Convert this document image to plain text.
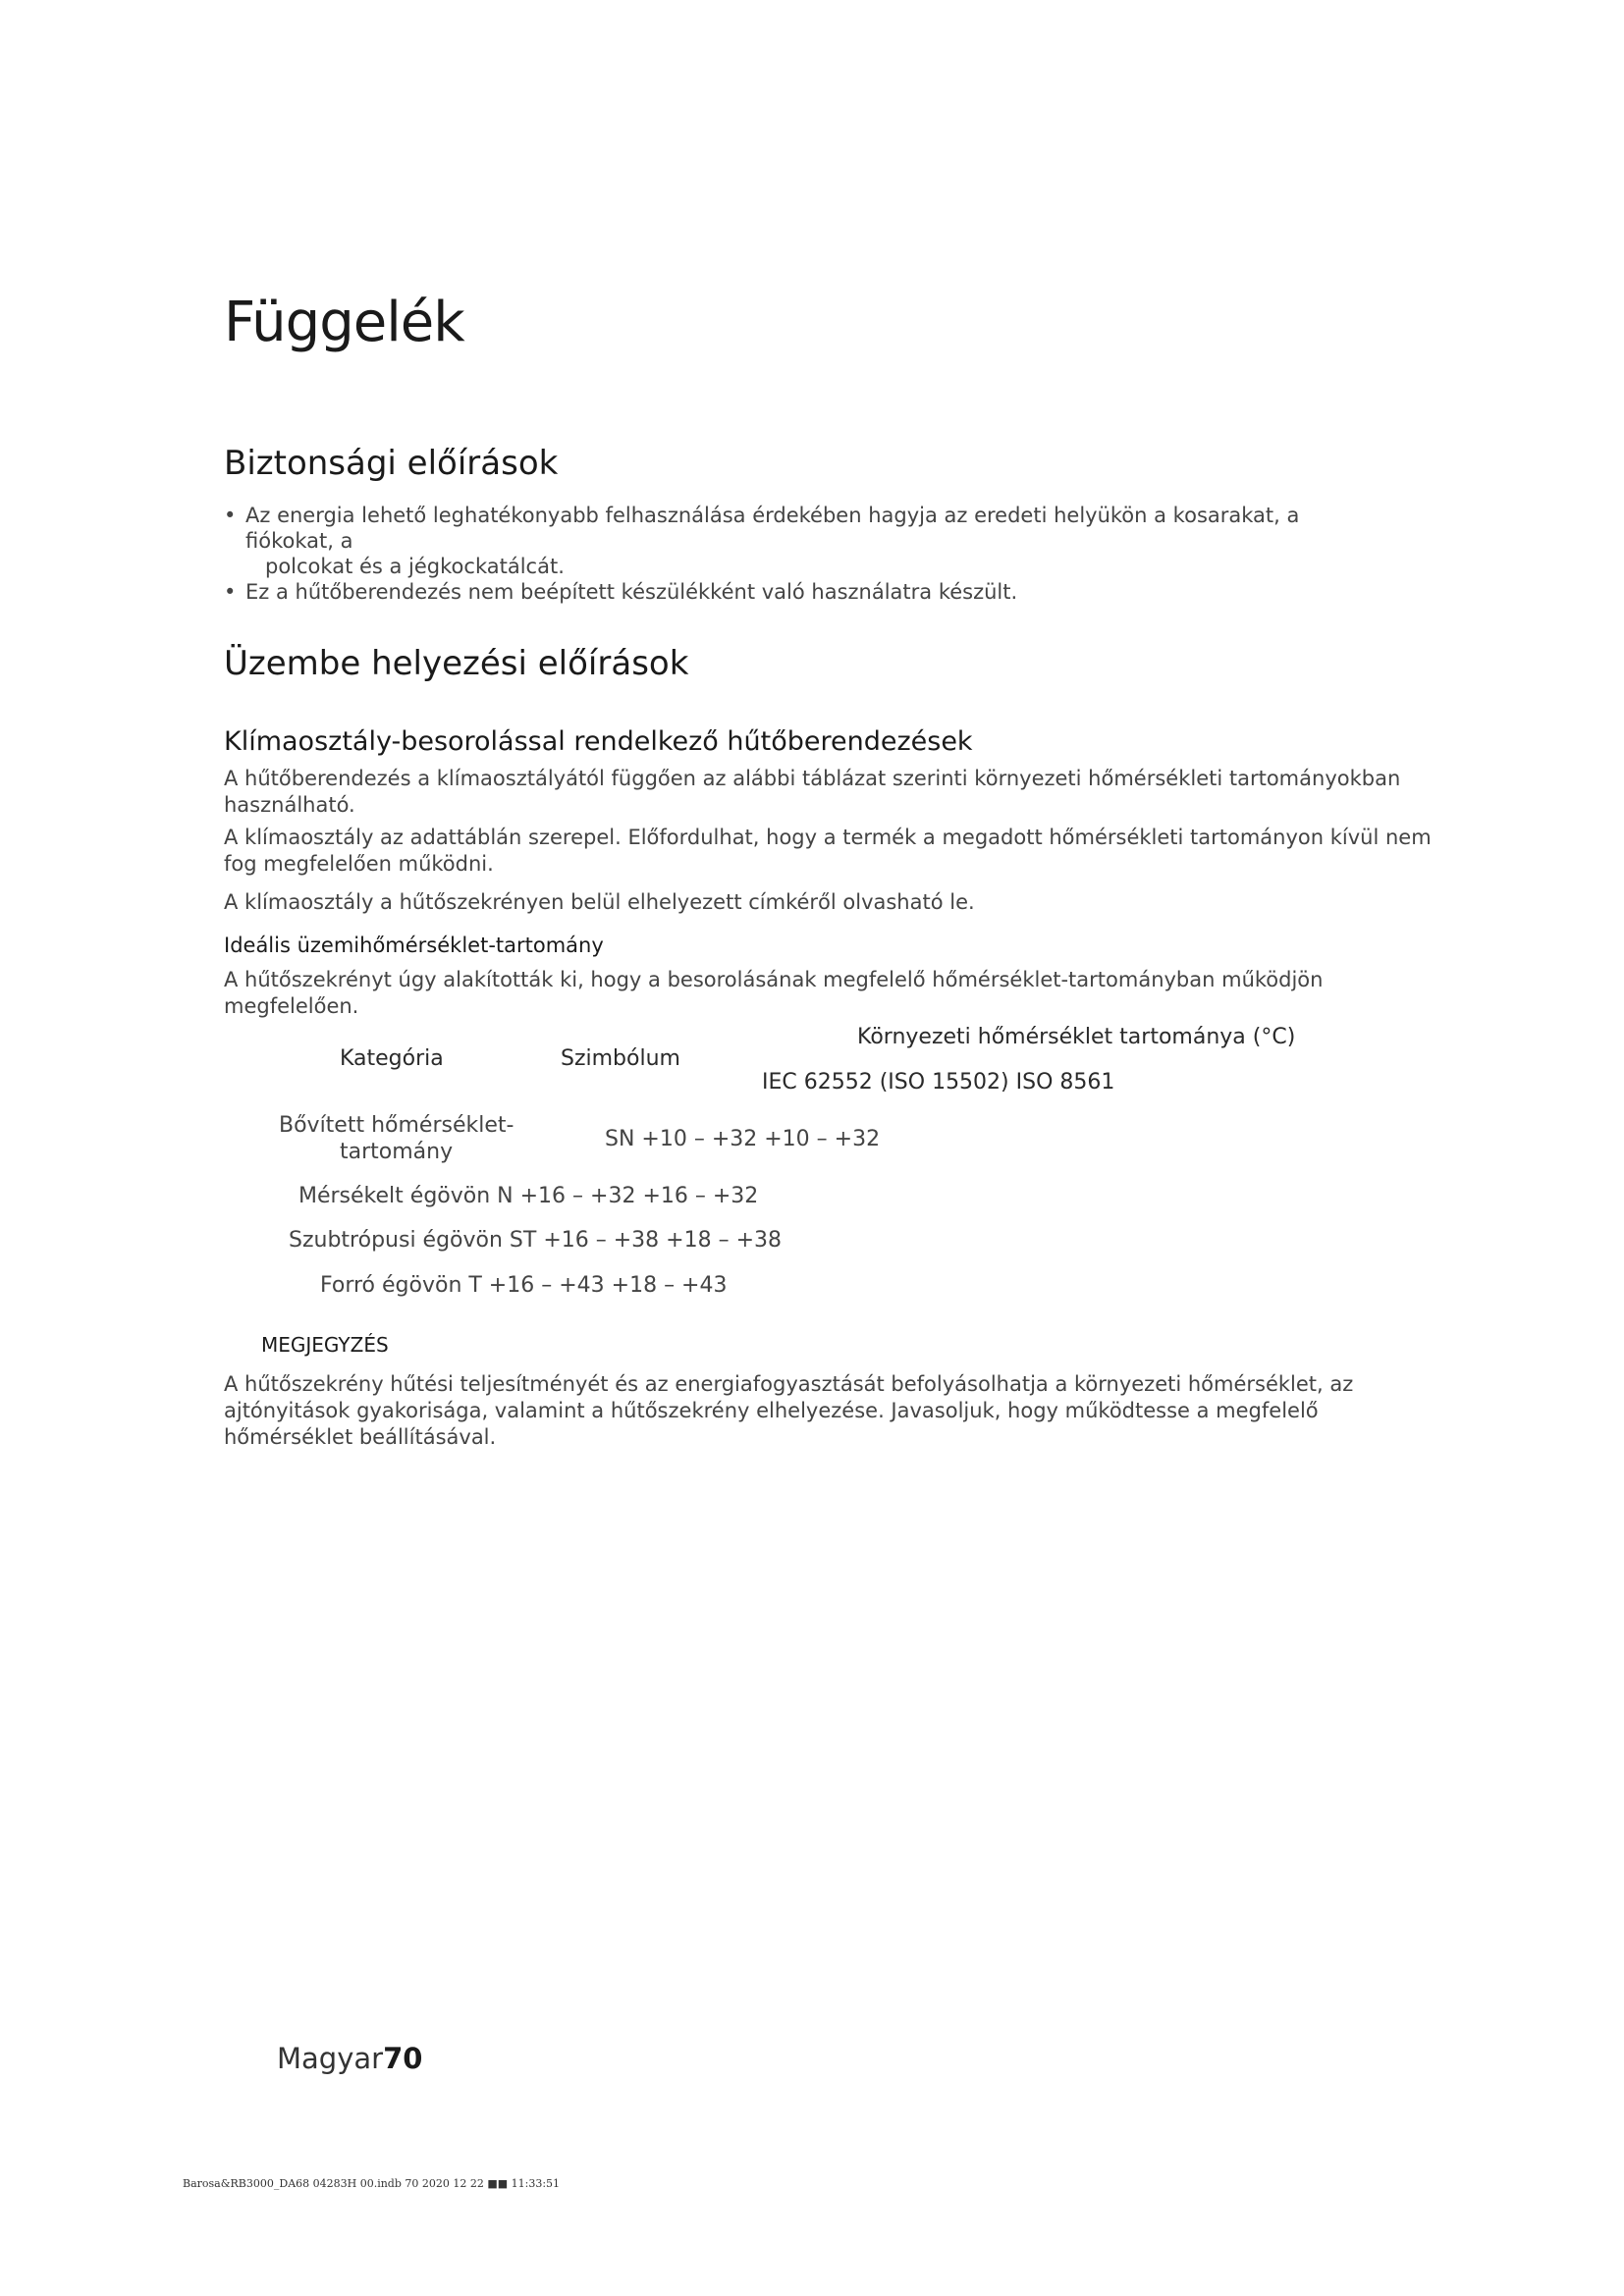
Függelék
Biztonsági előírások
• Az energia lehető leghatékonyabb felhasználása érdekében hagyja az eredeti helyükön a kosarakat, a fiókokat, a
polcokat és a jégkockatálcát.
• Ez a hűtőberendezés nem beépített készülékként való használatra készült.
Üzembe helyezési előírások
Klímaosztály-besorolással rendelkező hűtőberendezések
A hűtőberendezés a klímaosztályától függően az alábbi táblázat szerinti környezeti hőmérsékleti tartományokban használható.
A klímaosztály az adattáblán szerepel. Előfordulhat, hogy a termék a megadott hőmérsékleti tartományon kívül nem fog megfelelően működni.
A klímaosztály a hűtőszekrényen belül elhelyezett címkéről olvasható le.
Ideális üzemihőmérséklet-tartomány
A hűtőszekrényt úgy alakították ki, hogy a besorolásának megfelelő hőmérséklet-tartományban működjön megfelelően.
Kategória	Szimbólum
Környezeti hőmérséklet tartománya (°C)
IEC 62552 (ISO 15502) ISO 8561
Bővített hőmérséklet-
tartomány
SN +10 – +32 +10 – +32
Mérsékelt égövön N +16 – +32 +16 – +32
Szubtrópusi égövön ST +16 – +38 +18 – +38
Forró égövön T +16 – +43 +18 – +43
MEGJEGYZÉS
A hűtőszekrény hűtési teljesítményét és az energiafogyasztását befolyásolhatja a környezeti hőmérséklet, az ajtónyitások gyakorisága, valamint a hűtőszekrény elhelyezése. Javasoljuk, hogy működtesse a megfelelő hőmérséklet beállításával.
Magyar70
Barosa&RB3000_DA68 04283H 00.indb 70 2020 12 22 ■■ 11:33:51
